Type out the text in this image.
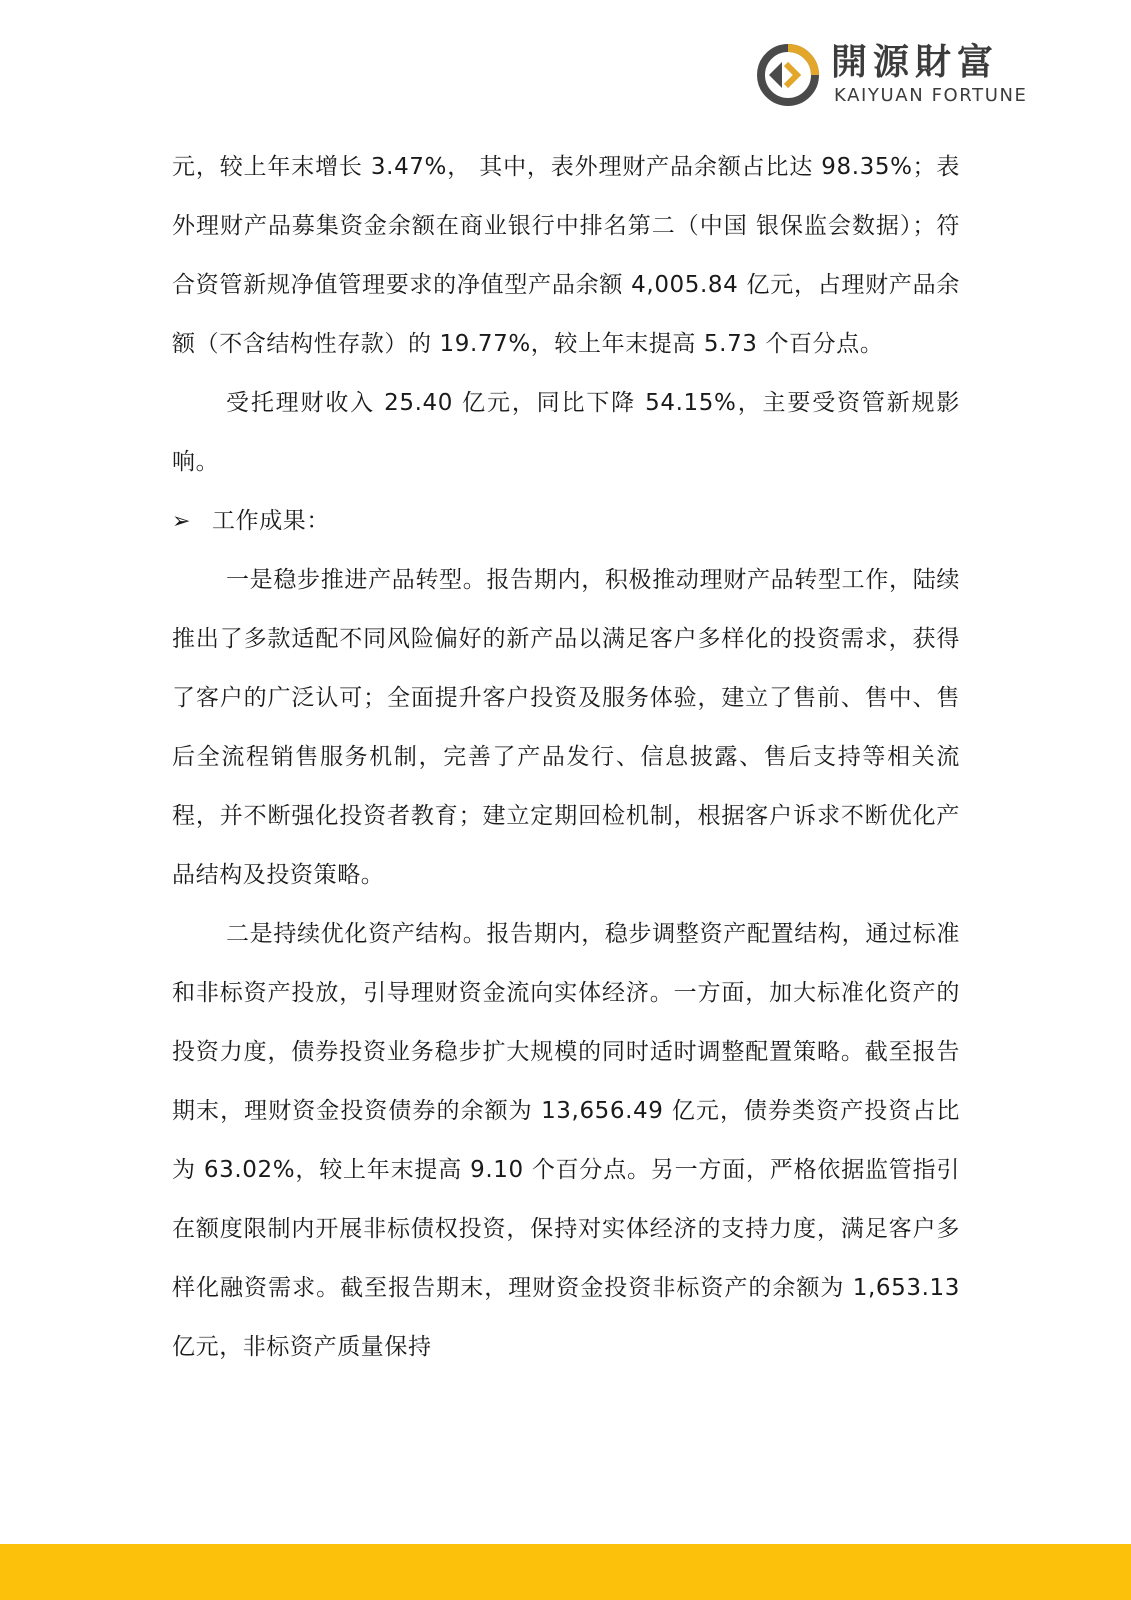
開源財富
KAIYUAN FORTUNE

元，较上年末增长 3.47%， 其中，表外理财产品余额占比达 98.35%；表外理财产品募集资金余额在商业银行中排名第二（中国 银保监会数据）；符合资管新规净值管理要求的净值型产品余额 4,005.84 亿元，占理财产品余额（不含结构性存款）的 19.77%，较上年末提高 5.73 个百分点。

受托理财收入 25.40 亿元，同比下降 54.15%，主要受资管新规影响。

➢ 工作成果：

一是稳步推进产品转型。报告期内，积极推动理财产品转型工作，陆续推出了多款适配不同风险偏好的新产品以满足客户多样化的投资需求，获得了客户的广泛认可；全面提升客户投资及服务体验，建立了售前、售中、售后全流程销售服务机制，完善了产品发行、信息披露、售后支持等相关流程，并不断强化投资者教育；建立定期回检机制，根据客户诉求不断优化产品结构及投资策略。

二是持续优化资产结构。报告期内，稳步调整资产配置结构，通过标准和非标资产投放，引导理财资金流向实体经济。一方面，加大标准化资产的投资力度，债券投资业务稳步扩大规模的同时适时调整配置策略。截至报告期末，理财资金投资债券的余额为 13,656.49 亿元，债券类资产投资占比为 63.02%，较上年末提高 9.10 个百分点。另一方面，严格依据监管指引在额度限制内开展非标债权投资，保持对实体经济的支持力度，满足客户多样化融资需求。截至报告期末，理财资金投资非标资产的余额为 1,653.13 亿元，非标资产质量保持
